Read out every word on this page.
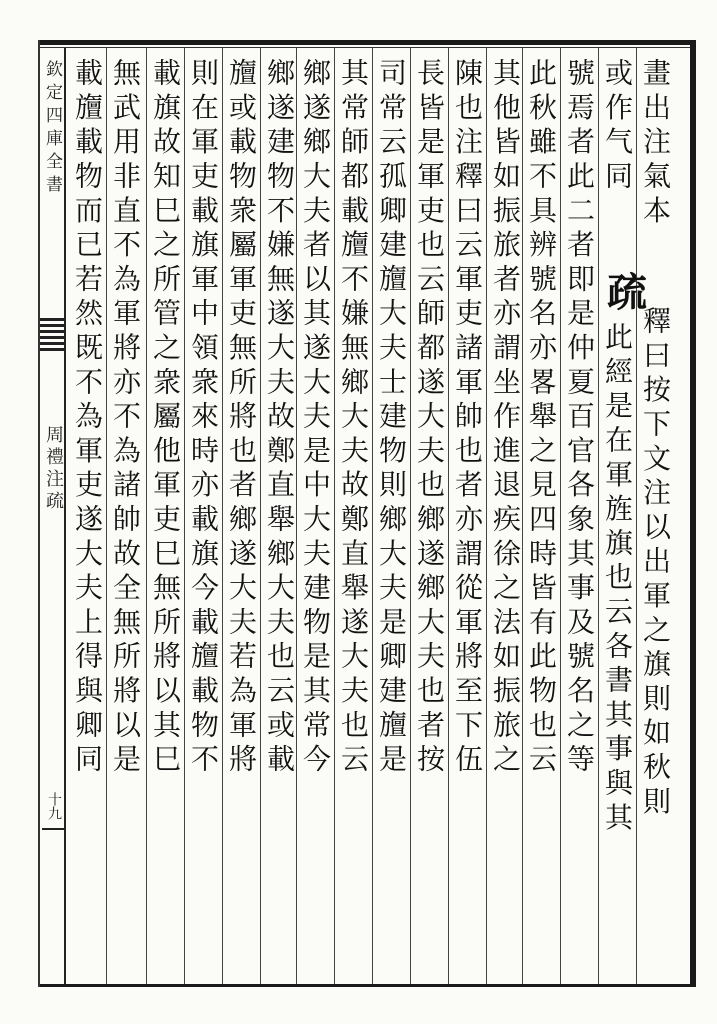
欽定四庫全書
周禮注疏
十九
畫出注氣本
釋曰按下文注以出軍之旗則如秋則
或作气同
疏
此經是在軍旌旗也云各書其事與其
號焉者此二者即是仲夏百官各象其事及號名之等
此秋雖不具辨號名亦畧舉之見四時皆有此物也云
其他皆如振旅者亦謂坐作進退疾徐之法如振旅之
陳也注釋曰云軍吏諸軍帥也者亦謂從軍將至下伍
長皆是軍吏也云師都遂大夫也鄉遂鄉大夫也者按
司常云孤卿建旜大夫士建物則鄉大夫是卿建旜是
其常師都載旜不嫌無鄉大夫故鄭直舉遂大夫也云
鄉遂鄉大夫者以其遂大夫是中大夫建物是其常今
鄉遂建物不嫌無遂大夫故鄭直舉鄉大夫也云或載
旜或載物衆屬軍吏無所將也者鄉遂大夫若為軍將
則在軍吏載旗軍中領衆來時亦載旗今載旜載物不
載旗故知巳之所管之衆屬他軍吏巳無所將以其巳
無武用非直不為軍將亦不為諸帥故全無所將以是
載旜載物而已若然既不為軍吏遂大夫上得與卿同
